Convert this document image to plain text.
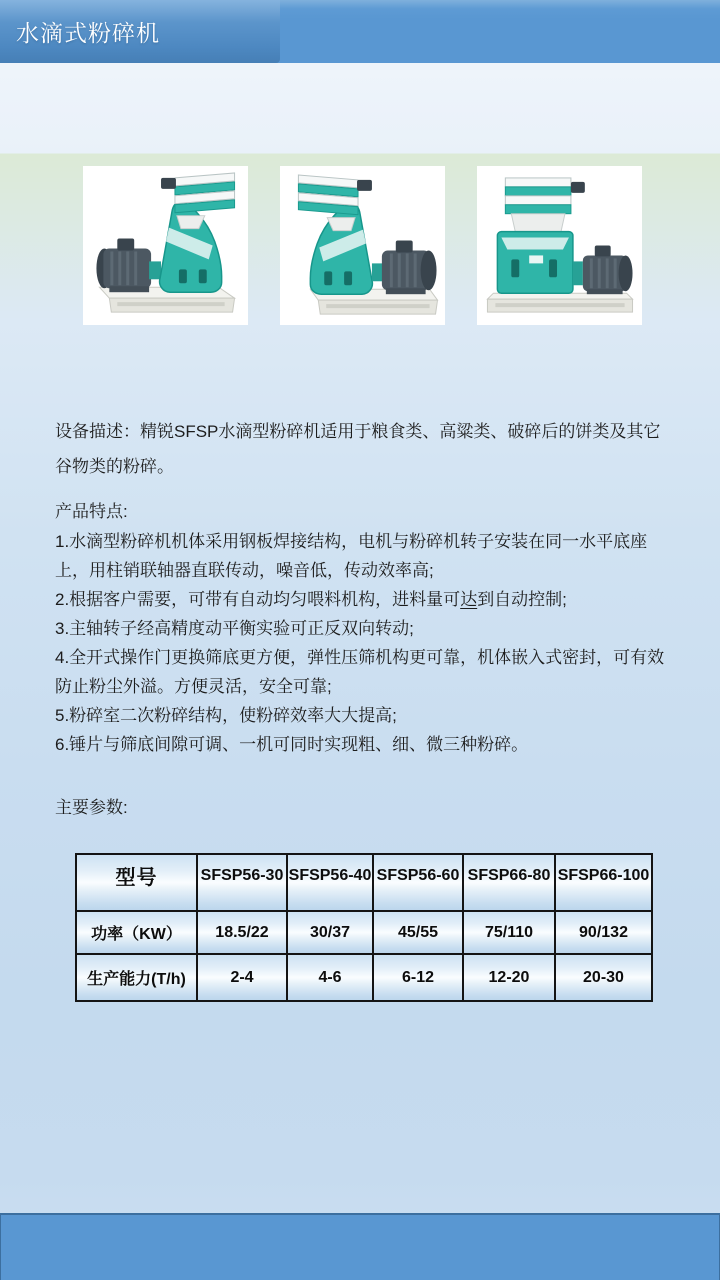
水滴式粉碎机

设备描述：精锐SFSP水滴型粉碎机适用于粮食类、高粱类、破碎后的饼类及其它谷物类的粉碎。

产品特点:
1.水滴型粉碎机机体采用钢板焊接结构，电机与粉碎机转子安装在同一水平底座上，用柱销联轴器直联传动，噪音低，传动效率高;
2.根据客户需要，可带有自动均匀喂料机构，进料量可达到自动控制;
3.主轴转子经高精度动平衡实验可正反双向转动;
4.全开式操作门更换筛底更方便，弹性压筛机构更可靠，机体嵌入式密封，可有效防止粉尘外溢。方便灵活，安全可靠;
5.粉碎室二次粉碎结构，使粉碎效率大大提高;
6.锤片与筛底间隙可调、一机可同时实现粗、细、微三种粉碎。
主要参数:
型号	SFSP56-30	SFSP56-40	SFSP56-60	SFSP66-80	SFSP66-100
功率（KW）	18.5/22	30/37	45/55	75/110	90/132
生产能力(T/h)	2-4	4-6	6-12	12-20	20-30
